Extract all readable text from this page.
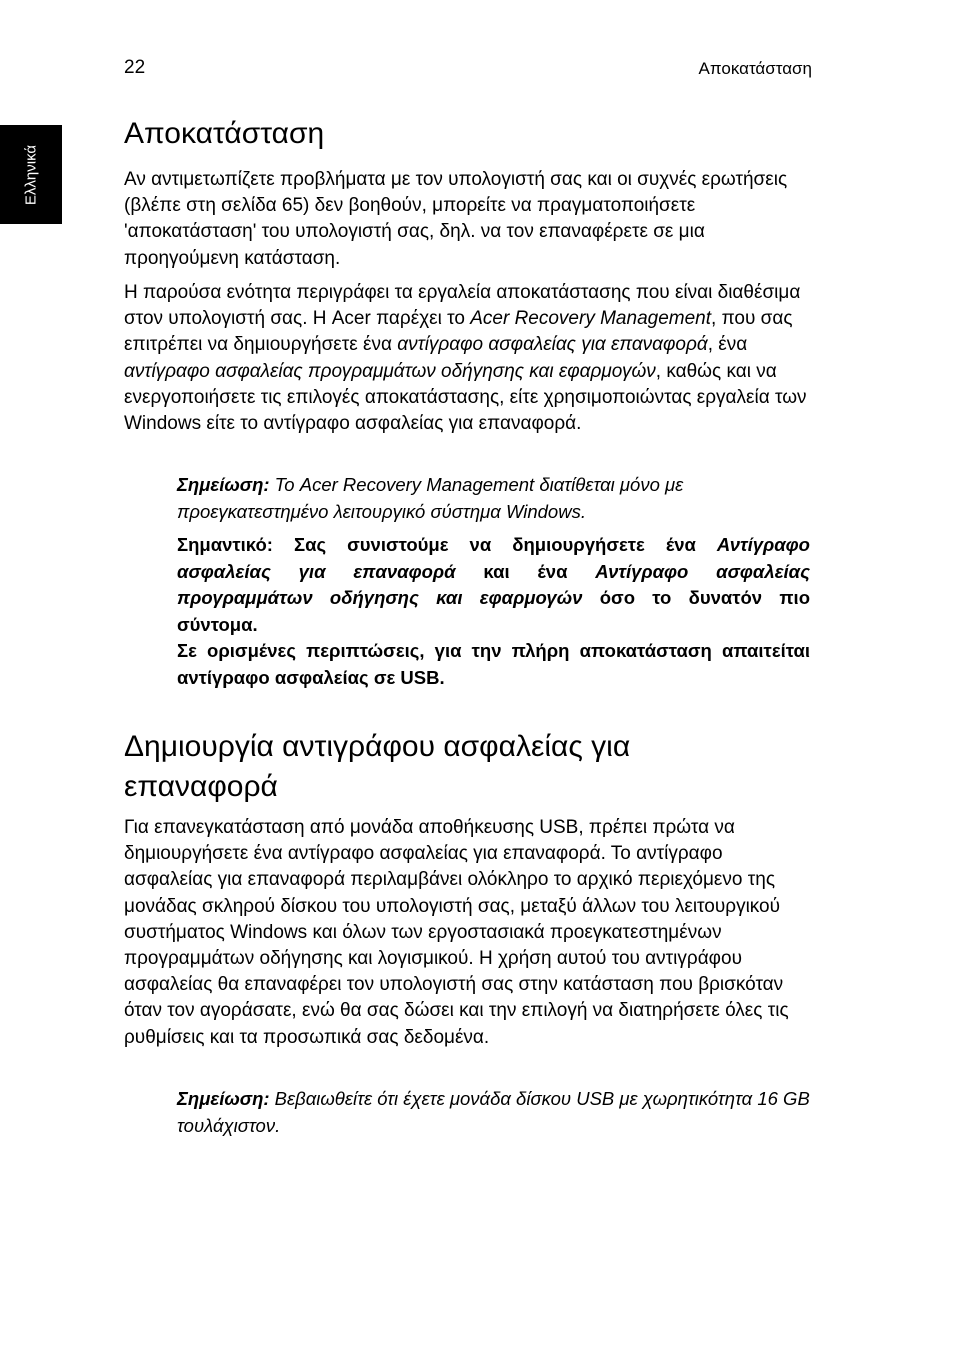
22	Αποκατάσταση
Ελληνικά
Αποκατάσταση

Αν αντιμετωπίζετε προβλήματα με τον υπολογιστή σας και οι συχνές ερωτήσεις (βλέπε στη σελίδα 65) δεν βοηθούν, μπορείτε να πραγματοποιήσετε 'αποκατάσταση' του υπολογιστή σας, δηλ. να τον επαναφέρετε σε μια προηγούμενη κατάσταση.

Η παρούσα ενότητα περιγράφει τα εργαλεία αποκατάστασης που είναι διαθέσιμα στον υπολογιστή σας. Η Acer παρέχει το Acer Recovery Management, που σας επιτρέπει να δημιουργήσετε ένα αντίγραφο ασφαλείας για επαναφορά, ένα αντίγραφο ασφαλείας προγραμμάτων οδήγησης και εφαρμογών, καθώς και να ενεργοποιήσετε τις επιλογές αποκατάστασης, είτε χρησιμοποιώντας εργαλεία των Windows είτε το αντίγραφο ασφαλείας για επαναφορά.

Σημείωση: Το Acer Recovery Management διατίθεται μόνο με προεγκατεστημένο λειτουργικό σύστημα Windows.

Σημαντικό: Σας συνιστούμε να δημιουργήσετε ένα Αντίγραφο ασφαλείας για επαναφορά και ένα Αντίγραφο ασφαλείας προγραμμάτων οδήγησης και εφαρμογών όσο το δυνατόν πιο σύντομα.

Σε ορισμένες περιπτώσεις, για την πλήρη αποκατάσταση απαιτείται αντίγραφο ασφαλείας σε USB.

Δημιουργία αντιγράφου ασφαλείας για επαναφορά

Για επανεγκατάσταση από μονάδα αποθήκευσης USB, πρέπει πρώτα να δημιουργήσετε ένα αντίγραφο ασφαλείας για επαναφορά. Το αντίγραφο ασφαλείας για επαναφορά περιλαμβάνει ολόκληρο το αρχικό περιεχόμενο της μονάδας σκληρού δίσκου του υπολογιστή σας, μεταξύ άλλων του λειτουργικού συστήματος Windows και όλων των εργοστασιακά προεγκατεστημένων προγραμμάτων οδήγησης και λογισμικού. Η χρήση αυτού του αντιγράφου ασφαλείας θα επαναφέρει τον υπολογιστή σας στην κατάσταση που βρισκόταν όταν τον αγοράσατε, ενώ θα σας δώσει και την επιλογή να διατηρήσετε όλες τις ρυθμίσεις και τα προσωπικά σας δεδομένα.

Σημείωση: Βεβαιωθείτε ότι έχετε μονάδα δίσκου USB με χωρητικότητα 16 GB τουλάχιστον.
